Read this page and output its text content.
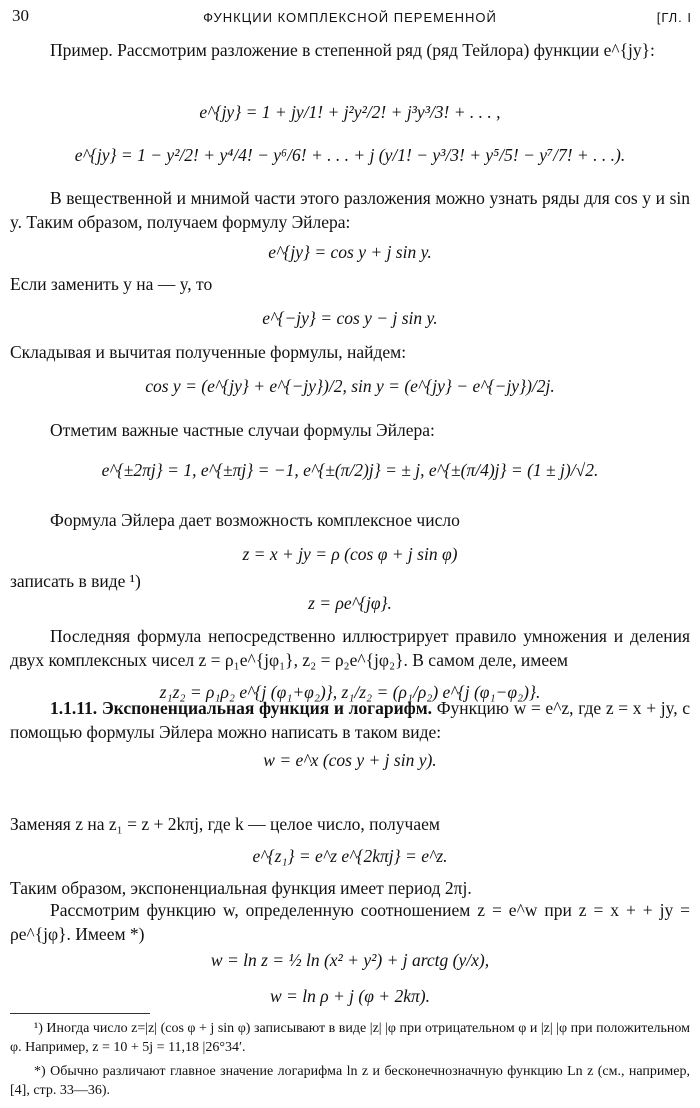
30	ФУНКЦИИ КОМПЛЕКСНОЙ ПЕРЕМЕННОЙ	[ГЛ. I
Пример. Рассмотрим разложение в степенной ряд (ряд Тейлора) функции e^{jy}:
e^{jy} = 1 + jy/1! + j²y²/2! + j³y³/3! + . . . ,
e^{jy} = 1 − y²/2! + y⁴/4! − y⁶/6! + . . . + j (y/1! − y³/3! + y⁵/5! − y⁷/7! + . . .).
В вещественной и мнимой части этого разложения можно узнать ряды для cos y и sin y. Таким образом, получаем формулу Эйлера:
e^{jy} = cos y + j sin y.
Если заменить y на — y, то
e^{−jy} = cos y − j sin y.
Складывая и вычитая полученные формулы, найдем:
cos y = (e^{jy} + e^{−jy})/2, sin y = (e^{jy} − e^{−jy})/2j.
Отметим важные частные случаи формулы Эйлера:
e^{±2πj} = 1, e^{±πj} = −1, e^{±(π/2)j} = ± j, e^{±(π/4)j} = (1 ± j)/√2.
Формула Эйлера дает возможность комплексное число
z = x + jy = ρ (cos φ + j sin φ)
записать в виде ¹)
z = ρe^{jφ}.
Последняя формула непосредственно иллюстрирует правило умножения и деления двух комплексных чисел z = ρ₁e^{jφ₁}, z₂ = ρ₂e^{jφ₂}. В самом деле, имеем
z₁z₂ = ρ₁ρ₂ e^{j (φ₁+φ₂)}, z₁/z₂ = (ρ₁/ρ₂) e^{j (φ₁−φ₂)}.
1.1.11. Экспоненциальная функция и логарифм. Функцию w = e^z, где z = x + jy, с помощью формулы Эйлера можно написать в таком виде:
w = e^x (cos y + j sin y).
Заменяя z на z₁ = z + 2kπj, где k — целое число, получаем
e^{z₁} = e^z e^{2kπj} = e^z.
Таким образом, экспоненциальная функция имеет период 2πj.
Рассмотрим функцию w, определенную соотношением z = e^w при z = x + + jy = ρe^{jφ}. Имеем *)
w = ln z = ½ ln (x² + y²) + j arctg (y/x),
w = ln ρ + j (φ + 2kπ).
¹) Иногда число z=|z| (cos φ + j sin φ) записывают в виде |z| |φ при отрицательном φ и |z| |φ при положительном φ. Например, z = 10 + 5j = 11,18 |26°34′.
*) Обычно различают главное значение логарифма ln z и бесконечнозначную функцию Ln z (см., например, [4], стр. 33—36).
